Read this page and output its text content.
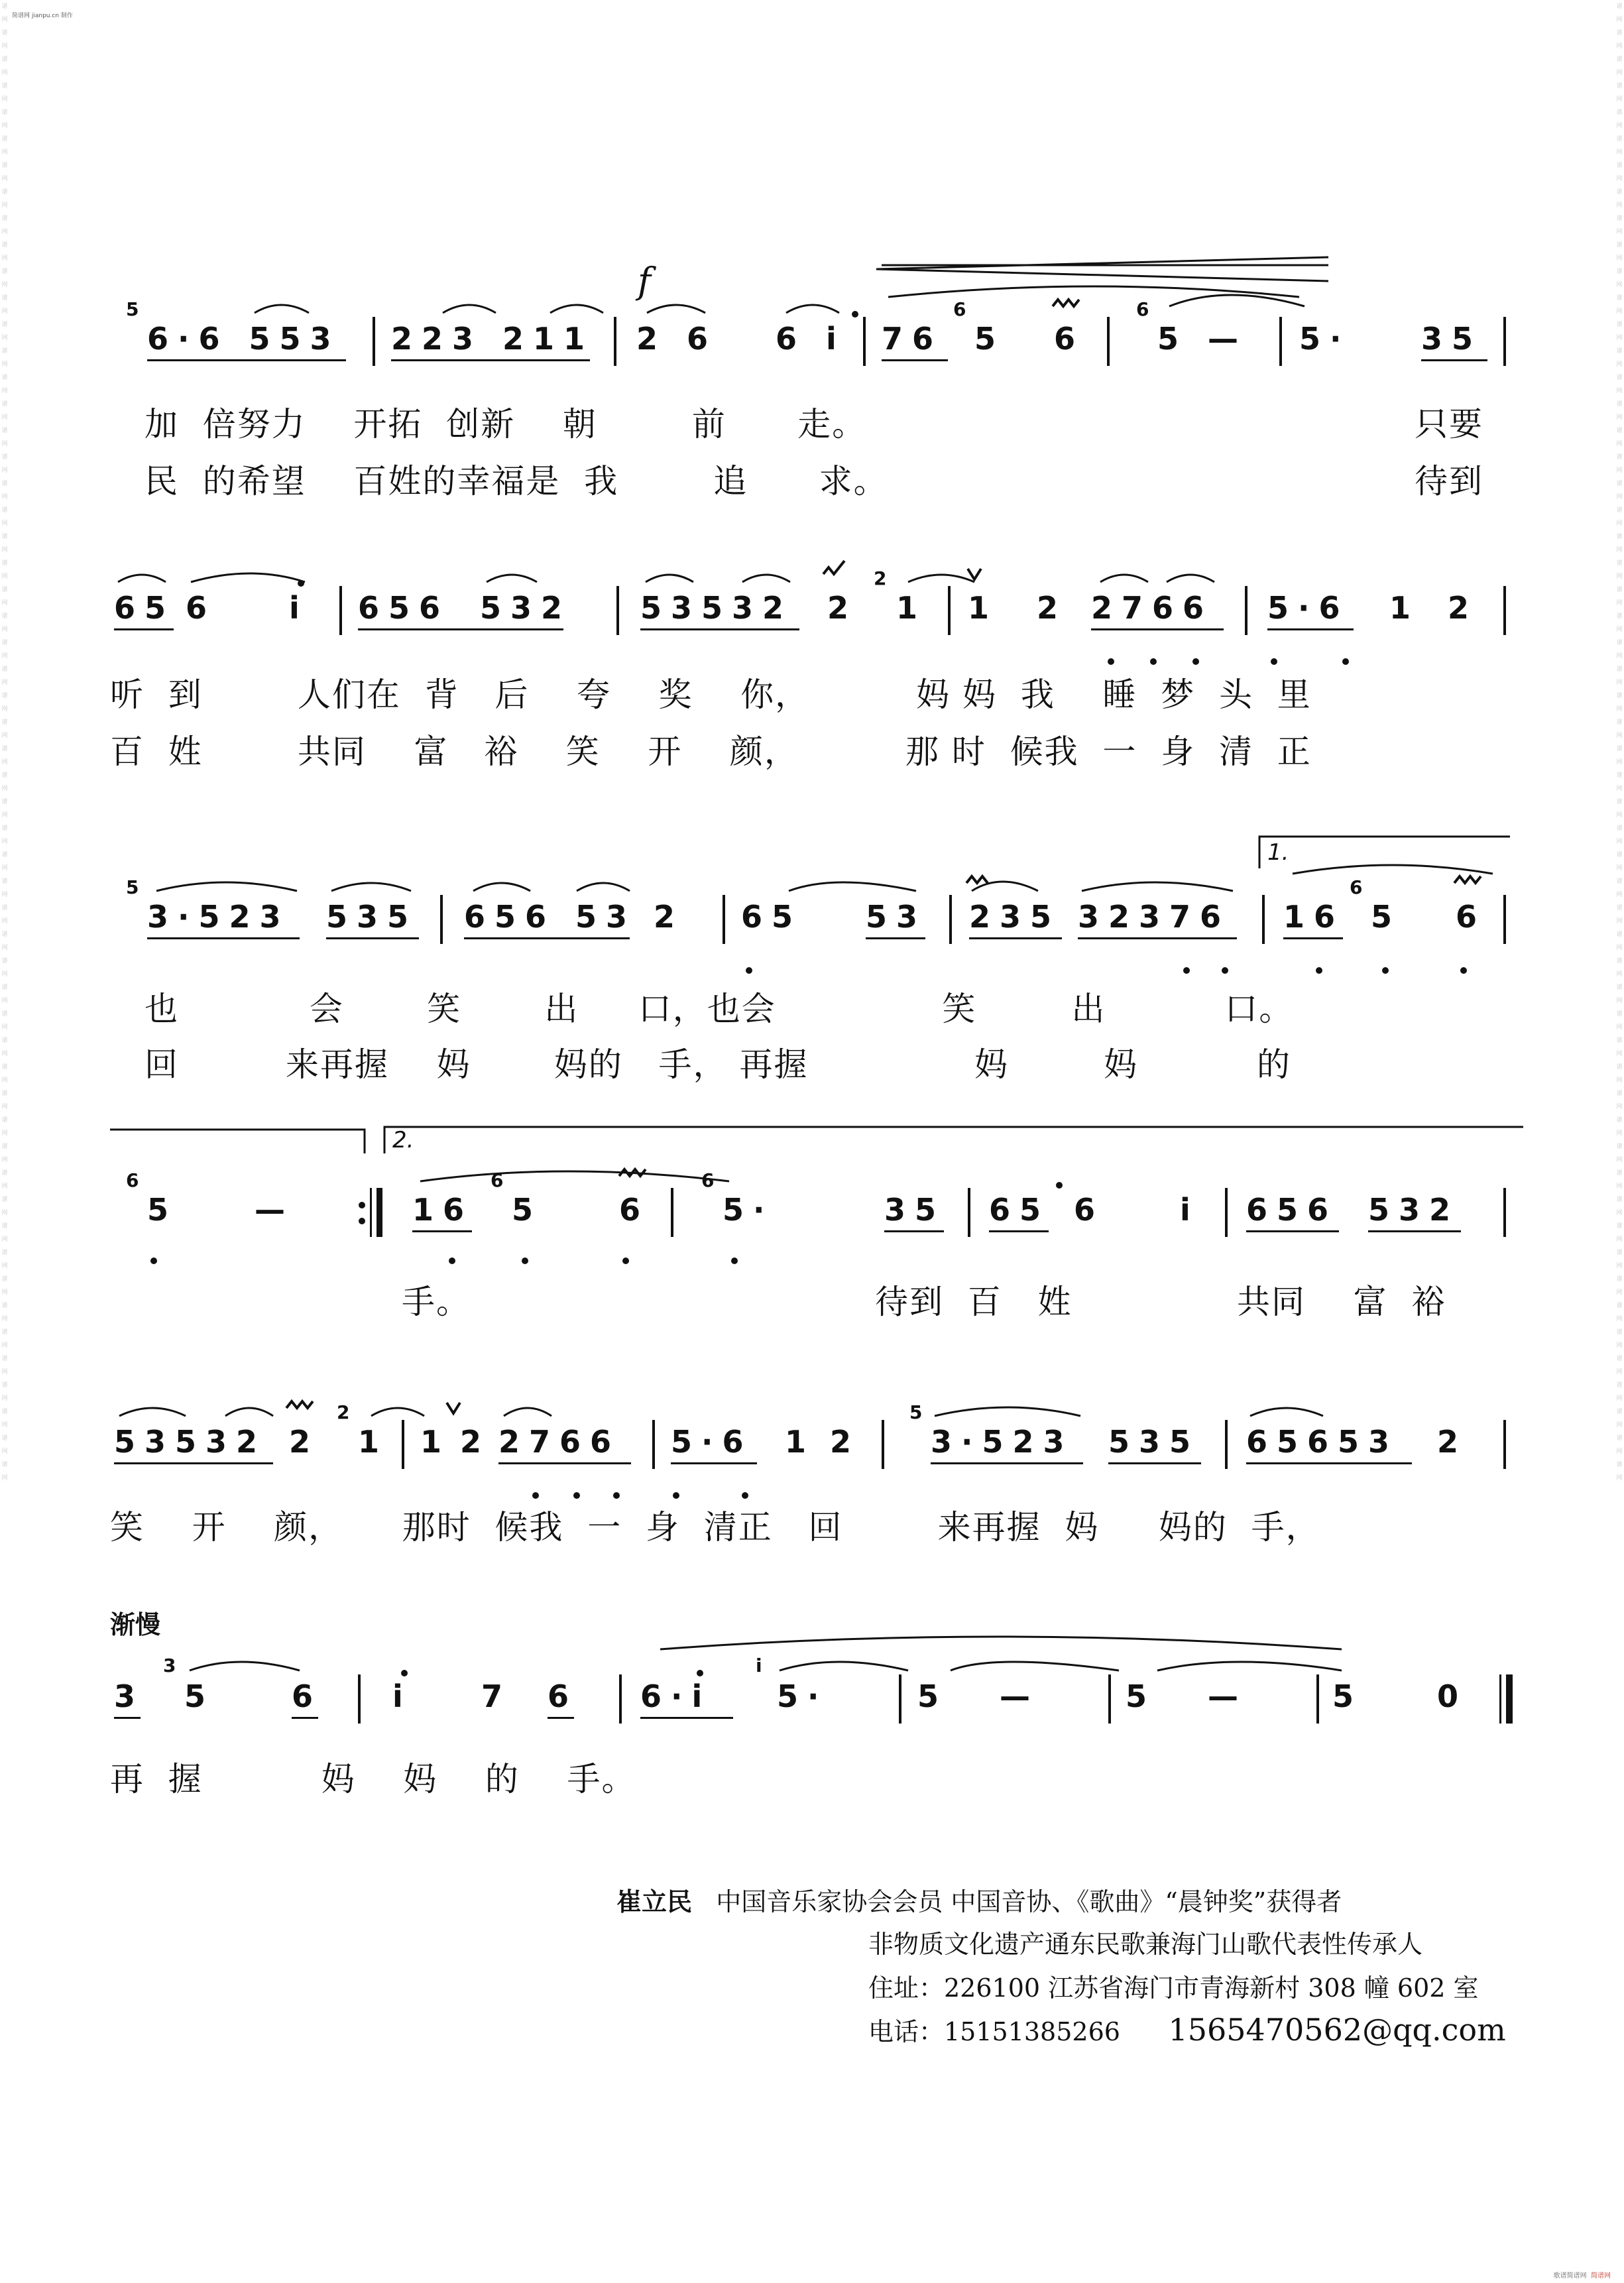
谱 网 谱 网 谱 网 谱 网 谱 网 谱 网 谱 网 谱 网 谱 网 谱 网 谱 网 谱 网 谱 网 谱 网 谱 网 谱 网 谱 网 谱 网 谱 网 谱 网 谱 网 谱 网 谱 网 谱 网 谱 网 谱 网 谱 网 谱 网 谱 网 谱 网 谱 网 谱 网 谱 网 谱 网 谱 网 谱 网 谱 网 谱 网 谱 网 谱 网 谱 网 谱 网 谱 网 谱 网 谱 网 谱 网 谱 网 谱 网 谱 网 谱 网 谱 网 谱 网 谱 网 谱 网 谱 网 谱 网
谱 网 谱 网 谱 网 谱 网 谱 网 谱 网 谱 网 谱 网 谱 网 谱 网 谱 网 谱 网 谱 网 谱 网 谱 网 谱 网 谱 网 谱 网 谱 网 谱 网 谱 网 谱 网 谱 网 谱 网 谱 网 谱 网 谱 网 谱 网 谱 网 谱 网 谱 网 谱 网 谱 网 谱 网 谱 网 谱 网 谱 网 谱 网 谱 网 谱 网 谱 网 谱 网 谱 网 谱 网 谱 网 谱 网 谱 网 谱 网 谱 网 谱 网 谱 网 谱 网 谱 网 谱 网 谱 网 谱 网
简谱网 jianpu.cn 制作
歌谱简谱网 简谱网
f
5
6·6 553 223 211 2 6 6 i 76
6
5 6
6
5 — 5· 35
加  倍努力    开拓  创新    朝        前      走。
民  的希望    百姓的幸福是  我        追      求。
只要
待到
65 6 i 656 532 53532 2
2
1 1 2 2766 5·6 1 2
听  到        人们在  背   后    夸    奖    你，         妈 妈  我    睡  梦  头  里
百  姓        共同    富   裕    笑    开    颜，         那 时  候我  一  身  清  正
1.
5
3·523 535 656 53 2 65 53 235 32376 16
6
5 6
也           会       笑       出     口，也会              笑        出          口。
回         来再握    妈       妈的   手， 再握              妈        妈          的
2.
6
5	—	16
6
5	6
6
5·	35 65 6 i 656 532
手。	待到  百   姓	共同    富  裕
53532 2
2
1 1 2 2766 5·6 1 2
5
3·523 535 65653 2
笑    开    颜，     那时  候我  一  身  清正   回        来再握  妈     妈的  手，
渐慢
3
3
5	6 i 7 6 6·i
i
5·	5 —	5 —	5 0
再  握          妈    妈    的    手。
崔立民 中国音乐家协会会员 中国音协、《歌曲》“晨钟奖”获得者
非物质文化遗产通东民歌兼海门山歌代表性传承人
住址：226100 江苏省海门市青海新村 308 幢 602 室
电话：15151385266 1565470562@qq.com
